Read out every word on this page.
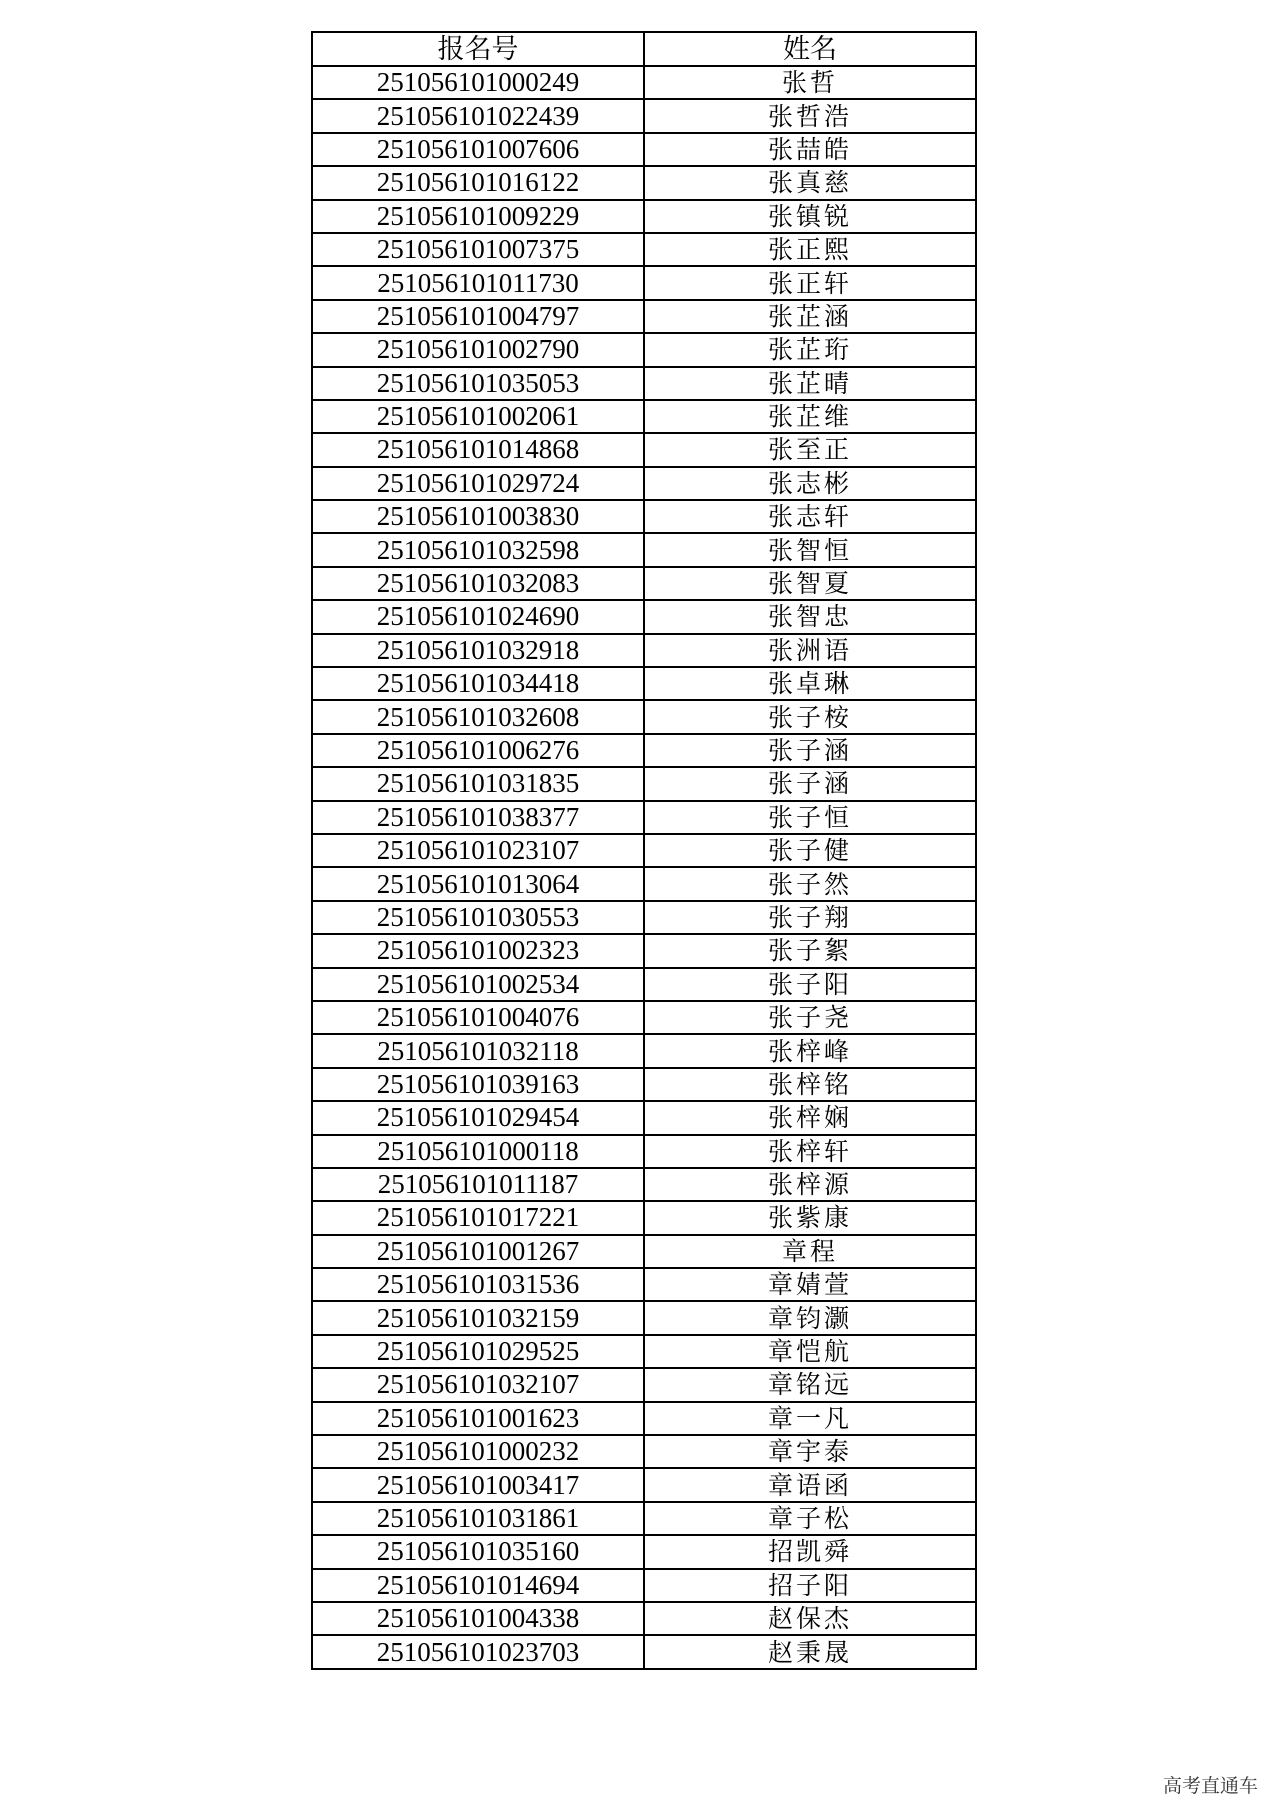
报名号	姓名
251056101000249	张哲
251056101022439	张哲浩
251056101007606	张喆皓
251056101016122	张真慈
251056101009229	张镇锐
251056101007375	张正熙
251056101011730	张正轩
251056101004797	张芷涵
251056101002790	张芷珩
251056101035053	张芷晴
251056101002061	张芷维
251056101014868	张至正
251056101029724	张志彬
251056101003830	张志轩
251056101032598	张智恒
251056101032083	张智夏
251056101024690	张智忠
251056101032918	张洲语
251056101034418	张卓琳
251056101032608	张子桉
251056101006276	张子涵
251056101031835	张子涵
251056101038377	张子恒
251056101023107	张子健
251056101013064	张子然
251056101030553	张子翔
251056101002323	张子絮
251056101002534	张子阳
251056101004076	张子尧
251056101032118	张梓峰
251056101039163	张梓铭
251056101029454	张梓娴
251056101000118	张梓轩
251056101011187	张梓源
251056101017221	张紫康
251056101001267	章程
251056101031536	章婧萱
251056101032159	章钧灏
251056101029525	章恺航
251056101032107	章铭远
251056101001623	章一凡
251056101000232	章宇泰
251056101003417	章语函
251056101031861	章子松
251056101035160	招凯舜
251056101014694	招子阳
251056101004338	赵保杰
251056101023703	赵秉晟
高考直通车
